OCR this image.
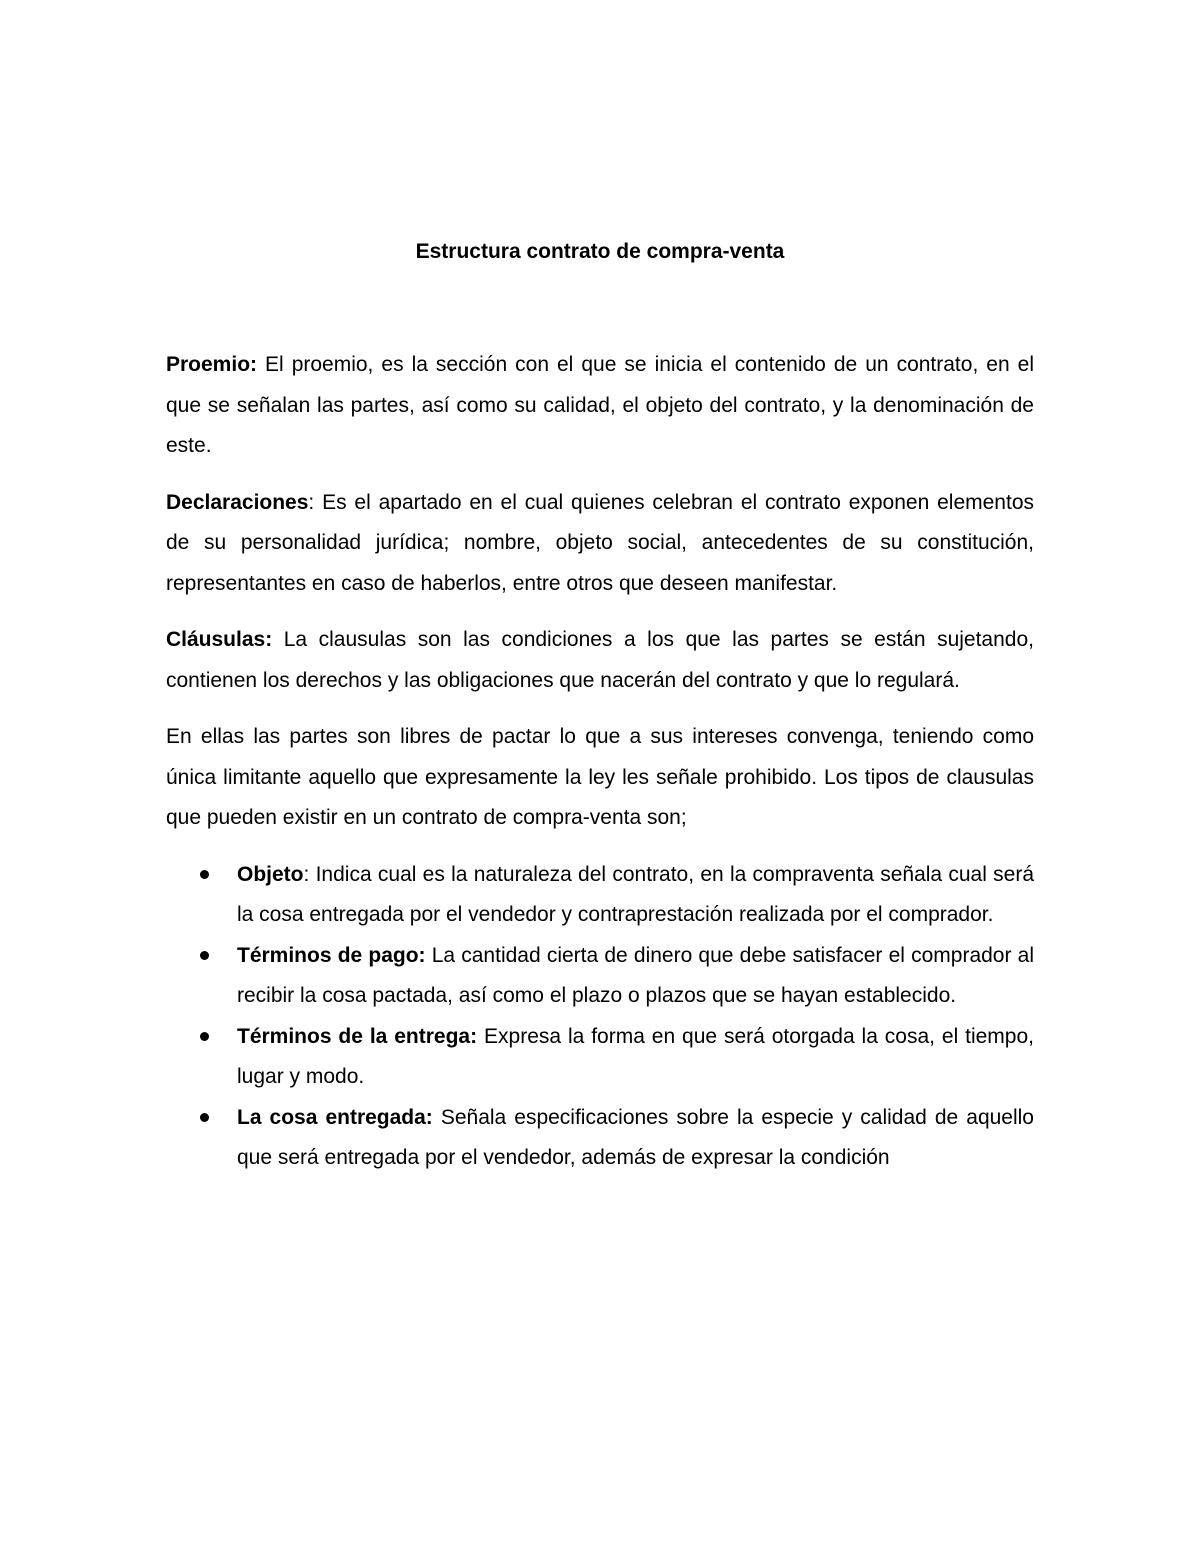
Estructura contrato de compra-venta

Proemio: El proemio, es la sección con el que se inicia el contenido de un contrato, en el que se señalan las partes, así como su calidad, el objeto del contrato, y la denominación de este.

Declaraciones: Es el apartado en el cual quienes celebran el contrato exponen elementos de su personalidad jurídica; nombre, objeto social, antecedentes de su constitución, representantes en caso de haberlos, entre otros que deseen manifestar.

Cláusulas: La clausulas son las condiciones a los que las partes se están sujetando, contienen los derechos y las obligaciones que nacerán del contrato y que lo regulará.

En ellas las partes son libres de pactar lo que a sus intereses convenga, teniendo como única limitante aquello que expresamente la ley les señale prohibido. Los tipos de clausulas que pueden existir en un contrato de compra-venta son;

Objeto: Indica cual es la naturaleza del contrato, en la compraventa señala cual será la cosa entregada por el vendedor y contraprestación realizada por el comprador.
Términos de pago: La cantidad cierta de dinero que debe satisfacer el comprador al recibir la cosa pactada, así como el plazo o plazos que se hayan establecido.
Términos de la entrega: Expresa la forma en que será otorgada la cosa, el tiempo, lugar y modo.
La cosa entregada: Señala especificaciones sobre la especie y calidad de aquello que será entregada por el vendedor, además de expresar la condición
